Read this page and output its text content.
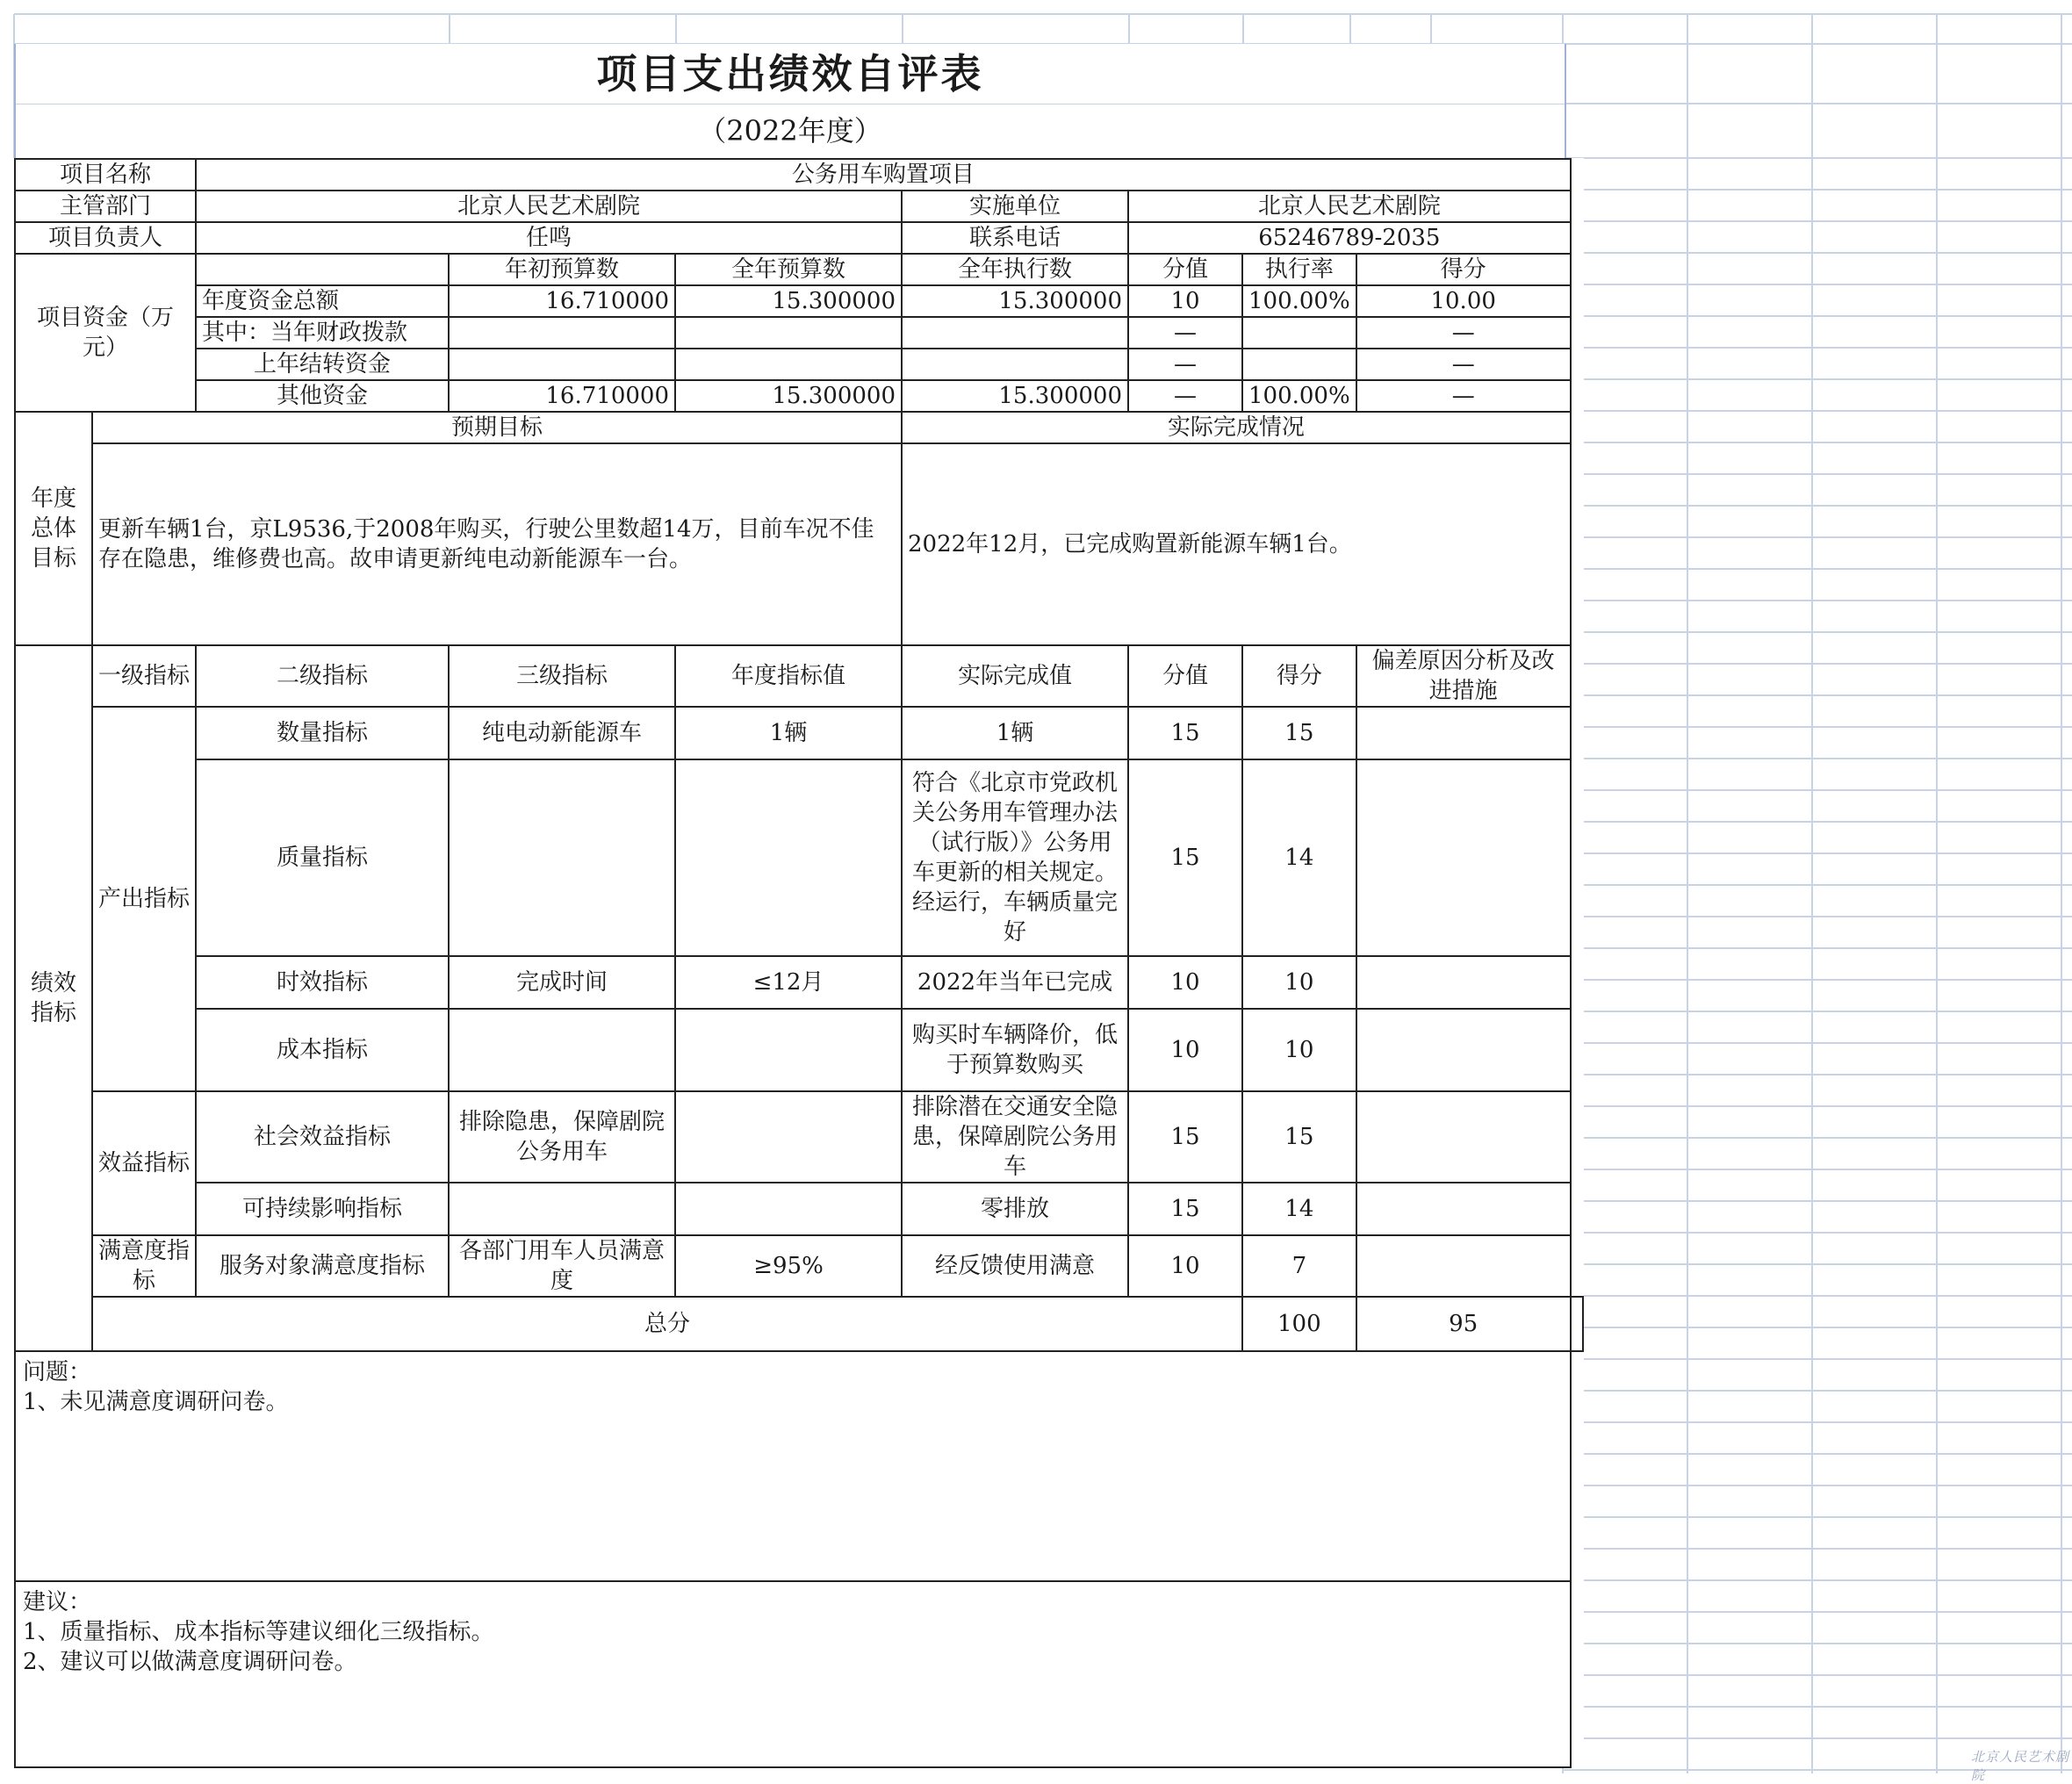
项目支出绩效自评表
（2022年度）
项目名称		公务用车购置项目							
主管部门		北京人民艺术剧院			实施单位	北京人民艺术剧院			
项目负责人		任鸣			联系电话	65246789-2035			
项目资金（万元）			年初预算数	全年预算数	全年执行数	分值	执行率	得分	
		年度资金总额	16.710000	15.300000	15.300000	10	100.00%	10.00	
		其中：当年财政拨款				—		—	
		上年结转资金				—		—	
		其他资金	16.710000	15.300000	15.300000	—	100.00%	—	
年度总体目标	预期目标				实际完成情况				
	更新车辆1台，京L9536,于2008年购买，行驶公里数超14万，目前车况不佳存在隐患，维修费也高。故申请更新纯电动新能源车一台。				2022年12月，已完成购置新能源车辆1台。				
绩效指标	一级指标	二级指标	三级指标	年度指标值	实际完成值	分值	得分	偏差原因分析及改进措施	
	产出指标	数量指标	纯电动新能源车	1辆	1辆	15	15		
		质量指标			符合《北京市党政机关公务用车管理办法（试行版）》公务用车更新的相关规定。经运行，车辆质量完好	15	14		
		时效指标	完成时间	≤12月	2022年当年已完成	10	10		
		成本指标			购买时车辆降价，低于预算数购买	10	10		
	效益指标	社会效益指标	排除隐患，保障剧院公务用车		排除潜在交通安全隐患，保障剧院公务用车	15	15		
		可持续影响指标			零排放	15	14		
	满意度指标	服务对象满意度指标	各部门用车人员满意度	≥95%	经反馈使用满意	10	7		
	总分						100	95	

问题：
1、未见满意度调研问卷。									

建议：
1、质量指标、成本指标等建议细化三级指标。
2、建议可以做满意度调研问卷。									
北京人民艺术剧院
